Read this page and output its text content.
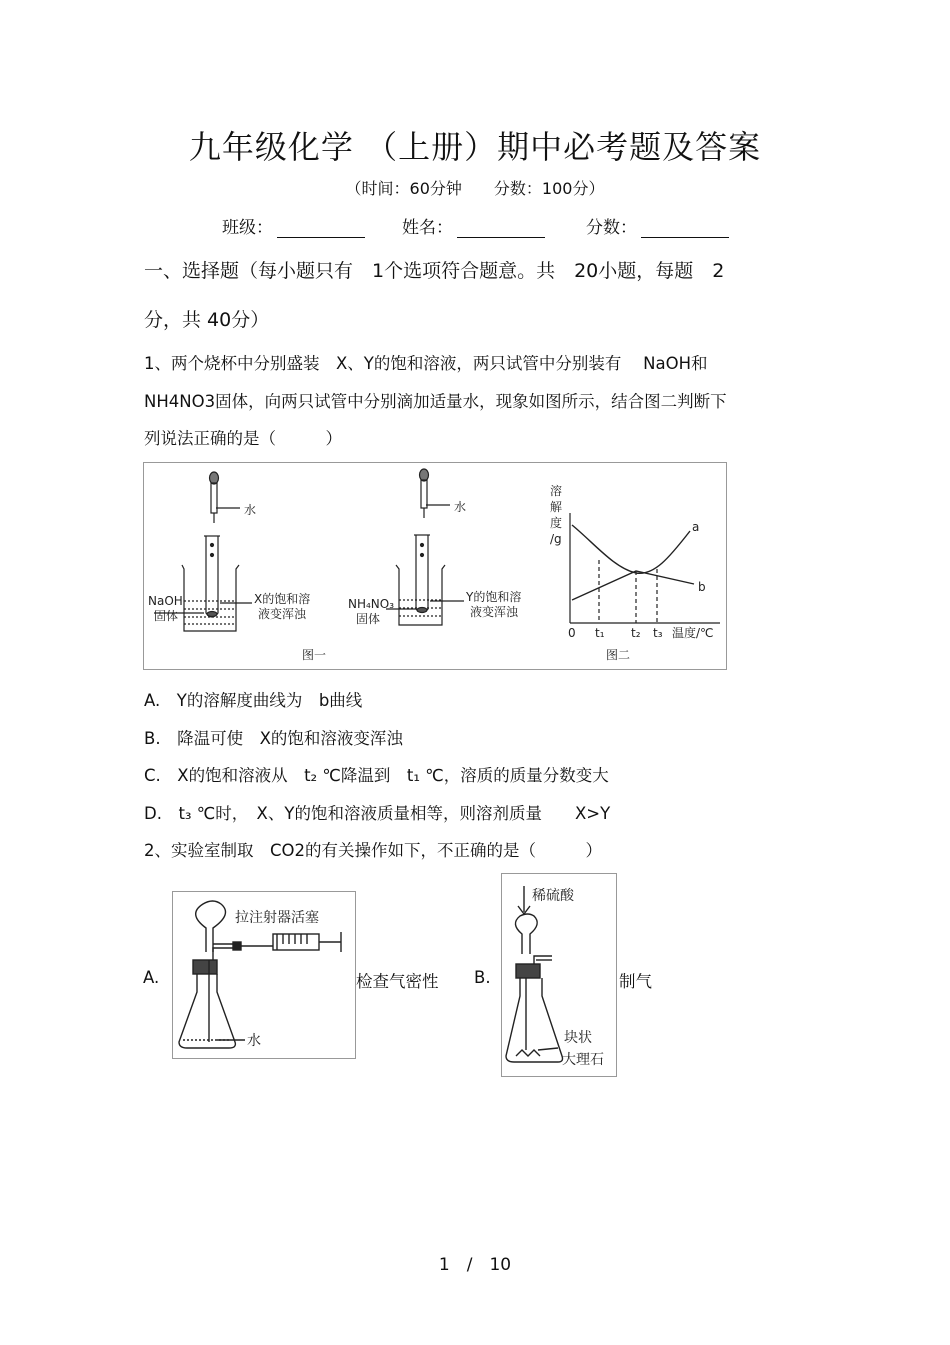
九年级化学 （上册）期中必考题及答案
（时间：60分钟　　分数：100分）
班级：	姓名：	分数：
一、选择题（每小题只有　1个选项符合题意。共　20小题，每题　2
分，共 40分）
1、两个烧杯中分别盛装　X、Y的饱和溶液，两只试管中分别装有　 NaOH和
NH4NO3固体，向两只试管中分别滴加适量水，现象如图所示，结合图二判断下
列说法正确的是（　　　）
水
NaOH
固体
X的饱和溶
液变浑浊
水
NH₄NO₃
固体
Y的饱和溶
液变浑浊
图一	图二
溶
解
度
/g
0 t₁ t₂ t₃ 温度/℃
a
b
A.　Y的溶解度曲线为　b曲线
B.　降温可使　X的饱和溶液变浑浊
C.　X的饱和溶液从　t₂ ℃降温到　t₁ ℃，溶质的质量分数变大
D.　t₃ ℃时，　X、Y的饱和溶液质量相等，则溶剂质量　　X>Y
2、实验室制取　CO2的有关操作如下，不正确的是（　　　）
A.
拉注射器活塞
水
检查气密性 B.
稀硫酸
块状
大理石
制气
1　/　10
